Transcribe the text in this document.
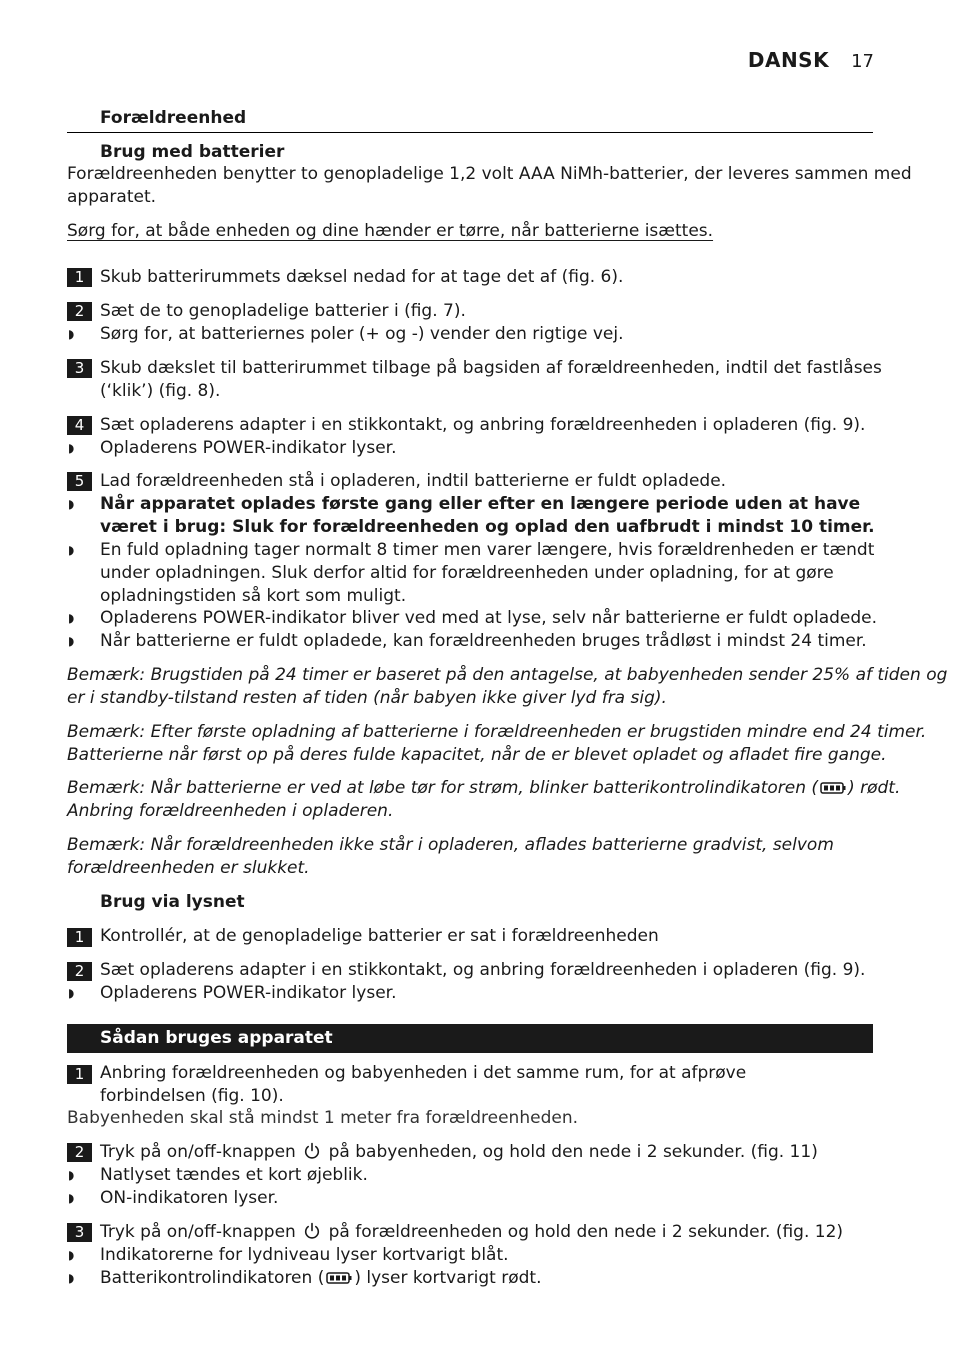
DANSK 17
Forældreenhed
Brug med batterier
Forældreenheden benytter to genopladelige 1,2 volt AAA NiMh-batterier, der leveres sammen med
apparatet.
Sørg for, at både enheden og dine hænder er tørre, når batterierne isættes.
1 Skub batterirummets dæksel nedad for at tage det af (fig. 6).
2 Sæt de to genopladelige batterier i (fig. 7).
◗ Sørg for, at batteriernes poler (+ og -) vender den rigtige vej.
3 Skub dækslet til batterirummet tilbage på bagsiden af forældreenheden, indtil det fastlåses
(‘klik’) (fig. 8).
4 Sæt opladerens adapter i en stikkontakt, og anbring forældreenheden i opladeren (fig. 9).
◗ Opladerens POWER-indikator lyser.
5 Lad forældreenheden stå i opladeren, indtil batterierne er fuldt opladede.
◗ Når apparatet oplades første gang eller efter en længere periode uden at have
været i brug: Sluk for forældreenheden og oplad den uafbrudt i mindst 10 timer.
◗ En fuld opladning tager normalt 8 timer men varer længere, hvis forældrenheden er tændt
under opladningen. Sluk derfor altid for forældreenheden under opladning, for at gøre
opladningstiden så kort som muligt.
◗ Opladerens POWER-indikator bliver ved med at lyse, selv når batterierne er fuldt opladede.
◗ Når batterierne er fuldt opladede, kan forældreenheden bruges trådløst i mindst 24 timer.
Bemærk: Brugstiden på 24 timer er baseret på den antagelse, at babyenheden sender 25% af tiden og
er i standby-tilstand resten af tiden (når babyen ikke giver lyd fra sig).
Bemærk: Efter første opladning af batterierne i forældreenheden er brugstiden mindre end 24 timer.
Batterierne når først op på deres fulde kapacitet, når de er blevet opladet og afladet fire gange.
Bemærk: Når batterierne er ved at løbe tør for strøm, blinker batterikontrolindikatoren ( ) rødt.
Anbring forældreenheden i opladeren.
Bemærk: Når forældreenheden ikke står i opladeren, aflades batterierne gradvist, selvom
forældreenheden er slukket.
Brug via lysnet
1 Kontrollér, at de genopladelige batterier er sat i forældreenheden
2 Sæt opladerens adapter i en stikkontakt, og anbring forældreenheden i opladeren (fig. 9).
◗ Opladerens POWER-indikator lyser.
Sådan bruges apparatet
1 Anbring forældreenheden og babyenheden i det samme rum, for at afprøve
forbindelsen (fig. 10).
Babyenheden skal stå mindst 1 meter fra forældreenheden.
2 Tryk på on/off-knappen på babyenheden, og hold den nede i 2 sekunder. (fig. 11)
◗ Natlyset tændes et kort øjeblik.
◗ ON-indikatoren lyser.
3 Tryk på on/off-knappen på forældreenheden og hold den nede i 2 sekunder. (fig. 12)
◗ Indikatorerne for lydniveau lyser kortvarigt blåt.
◗ Batterikontrolindikatoren ( ) lyser kortvarigt rødt.
